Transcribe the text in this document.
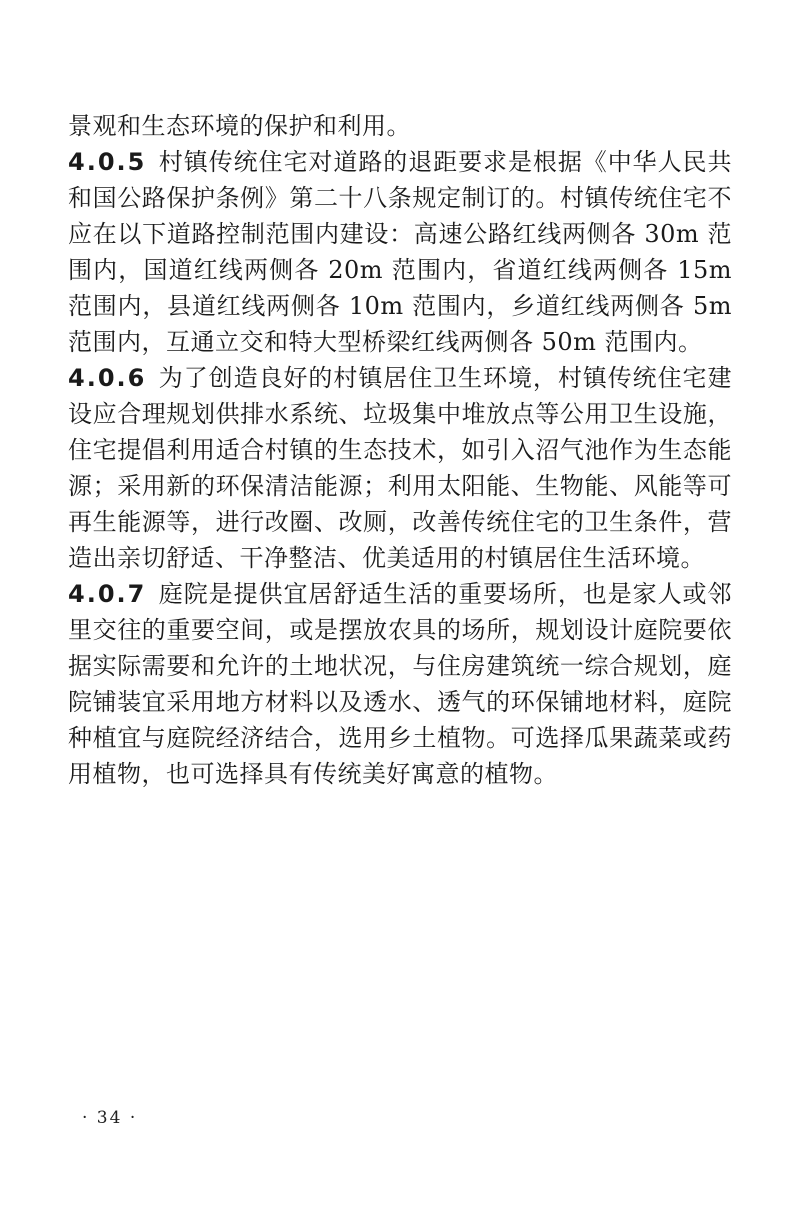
景观和生态环境的保护和利用。

4.0.5 村镇传统住宅对道路的退距要求是根据《中华人民共和国公路保护条例》第二十八条规定制订的。村镇传统住宅不应在以下道路控制范围内建设：高速公路红线两侧各 30m 范围内，国道红线两侧各 20m 范围内，省道红线两侧各 15m 范围内，县道红线两侧各 10m 范围内，乡道红线两侧各 5m 范围内，互通立交和特大型桥梁红线两侧各 50m 范围内。

4.0.6 为了创造良好的村镇居住卫生环境，村镇传统住宅建设应合理规划供排水系统、垃圾集中堆放点等公用卫生设施，住宅提倡利用适合村镇的生态技术，如引入沼气池作为生态能源；采用新的环保清洁能源；利用太阳能、生物能、风能等可再生能源等，进行改圈、改厕，改善传统住宅的卫生条件，营造出亲切舒适、干净整洁、优美适用的村镇居住生活环境。

4.0.7 庭院是提供宜居舒适生活的重要场所，也是家人或邻里交往的重要空间，或是摆放农具的场所，规划设计庭院要依据实际需要和允许的土地状况，与住房建筑统一综合规划，庭院铺装宜采用地方材料以及透水、透气的环保铺地材料，庭院种植宜与庭院经济结合，选用乡土植物。可选择瓜果蔬菜或药用植物，也可选择具有传统美好寓意的植物。

· 34 ·
